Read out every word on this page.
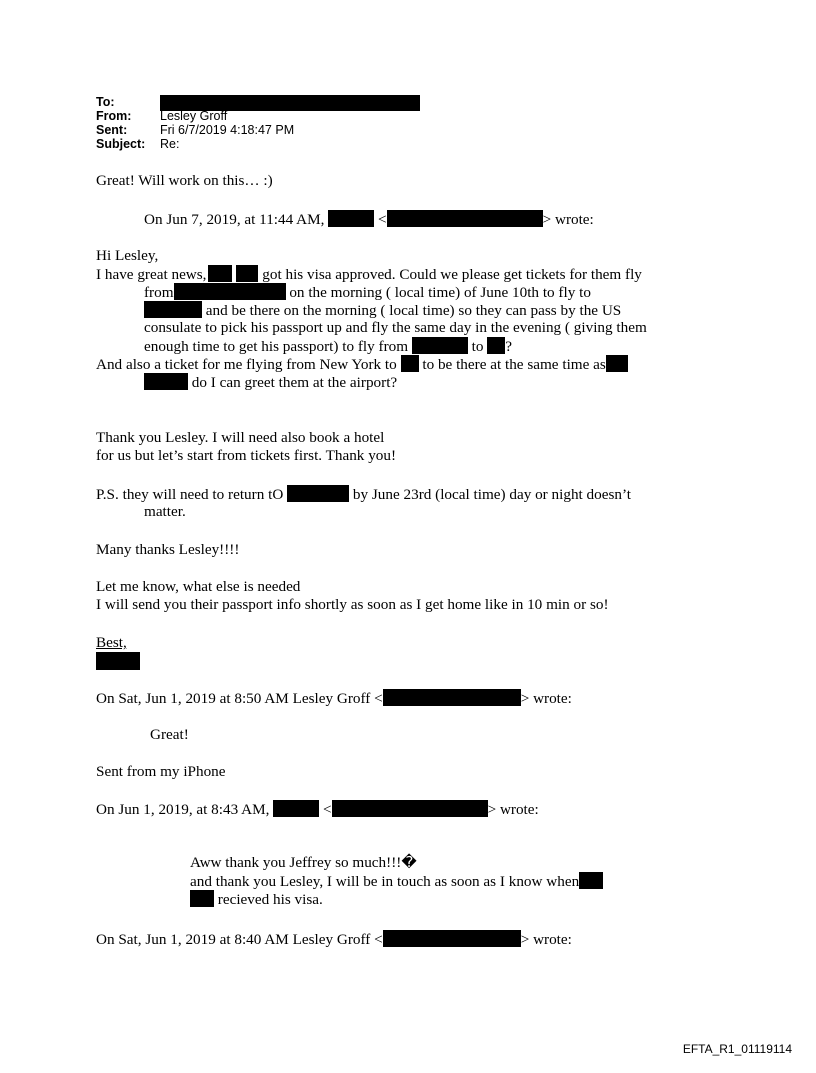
To:
From: Lesley Groff
Sent:	Fri 6/7/2019 4:18:47 PM
Subject: Re:
Great! Will work on this… :)
On Jun 7, 2019, at 11:44 AM,	<	> wrote:
Hi Lesley,
I have great news,	got his visa approved. Could we please get tickets for them fly
from	on the morning ( local time) of June 10th to fly to
and be there on the morning ( local time) so they can pass by the US
consulate to pick his passport up and fly the same day in the evening ( giving them
enough time to get his passport) to fly from	to ?
And also a ticket for me flying from New York to to be there at the same time as
do I can greet them at the airport?
Thank you Lesley. I will need also book a hotel
for us but let’s start from tickets first. Thank you!
P.S. they will need to return tO	by June 23rd (local time) day or night doesn’t
matter.
Many thanks Lesley!!!!
Let me know, what else is needed
I will send you their passport info shortly as soon as I get home like in 10 min or so!
Best,
On Sat, Jun 1, 2019 at 8:50 AM Lesley Groff <	> wrote:
Great!
Sent from my iPhone
On Jun 1, 2019, at 8:43 AM,	<	> wrote:
Aww thank you Jeffrey so much!!!�
and thank you Lesley, I will be in touch as soon as I know when
recieved his visa.
On Sat, Jun 1, 2019 at 8:40 AM Lesley Groff <	> wrote:
EFTA_R1_01119114
